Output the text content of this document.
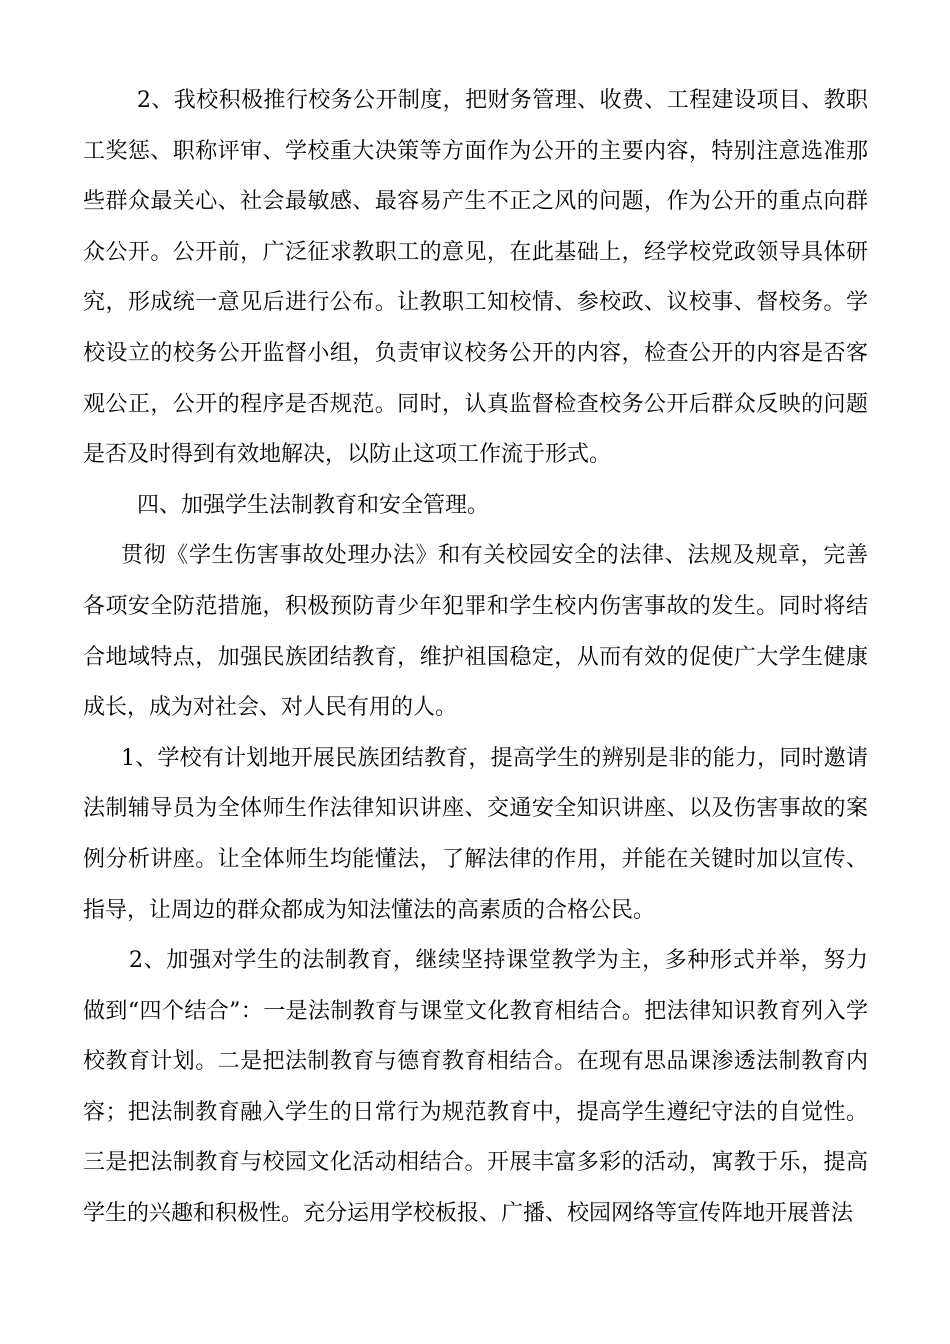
2、我校积极推行校务公开制度，把财务管理、收费、工程建设项目、教职工奖惩、职称评审、学校重大决策等方面作为公开的主要内容，特别注意选准那些群众最关心、社会最敏感、最容易产生不正之风的问题，作为公开的重点向群众公开。公开前，广泛征求教职工的意见，在此基础上，经学校党政领导具体研究，形成统一意见后进行公布。让教职工知校情、参校政、议校事、督校务。学校设立的校务公开监督小组，负责审议校务公开的内容，检查公开的内容是否客观公正，公开的程序是否规范。同时，认真监督检查校务公开后群众反映的问题是否及时得到有效地解决，以防止这项工作流于形式。

四、加强学生法制教育和安全管理。

贯彻《学生伤害事故处理办法》和有关校园安全的法律、法规及规章，完善各项安全防范措施，积极预防青少年犯罪和学生校内伤害事故的发生。同时将结合地域特点，加强民族团结教育，维护祖国稳定，从而有效的促使广大学生健康成长，成为对社会、对人民有用的人。

1、学校有计划地开展民族团结教育，提高学生的辨别是非的能力，同时邀请法制辅导员为全体师生作法律知识讲座、交通安全知识讲座、以及伤害事故的案例分析讲座。让全体师生均能懂法，了解法律的作用，并能在关键时加以宣传、指导，让周边的群众都成为知法懂法的高素质的合格公民。

2、加强对学生的法制教育，继续坚持课堂教学为主，多种形式并举，努力做到“四个结合”：一是法制教育与课堂文化教育相结合。把法律知识教育列入学校教育计划。二是把法制教育与德育教育相结合。在现有思品课渗透法制教育内容；把法制教育融入学生的日常行为规范教育中，提高学生遵纪守法的自觉性。三是把法制教育与校园文化活动相结合。开展丰富多彩的活动，寓教于乐，提高学生的兴趣和积极性。充分运用学校板报、广播、校园网络等宣传阵地开展普法
